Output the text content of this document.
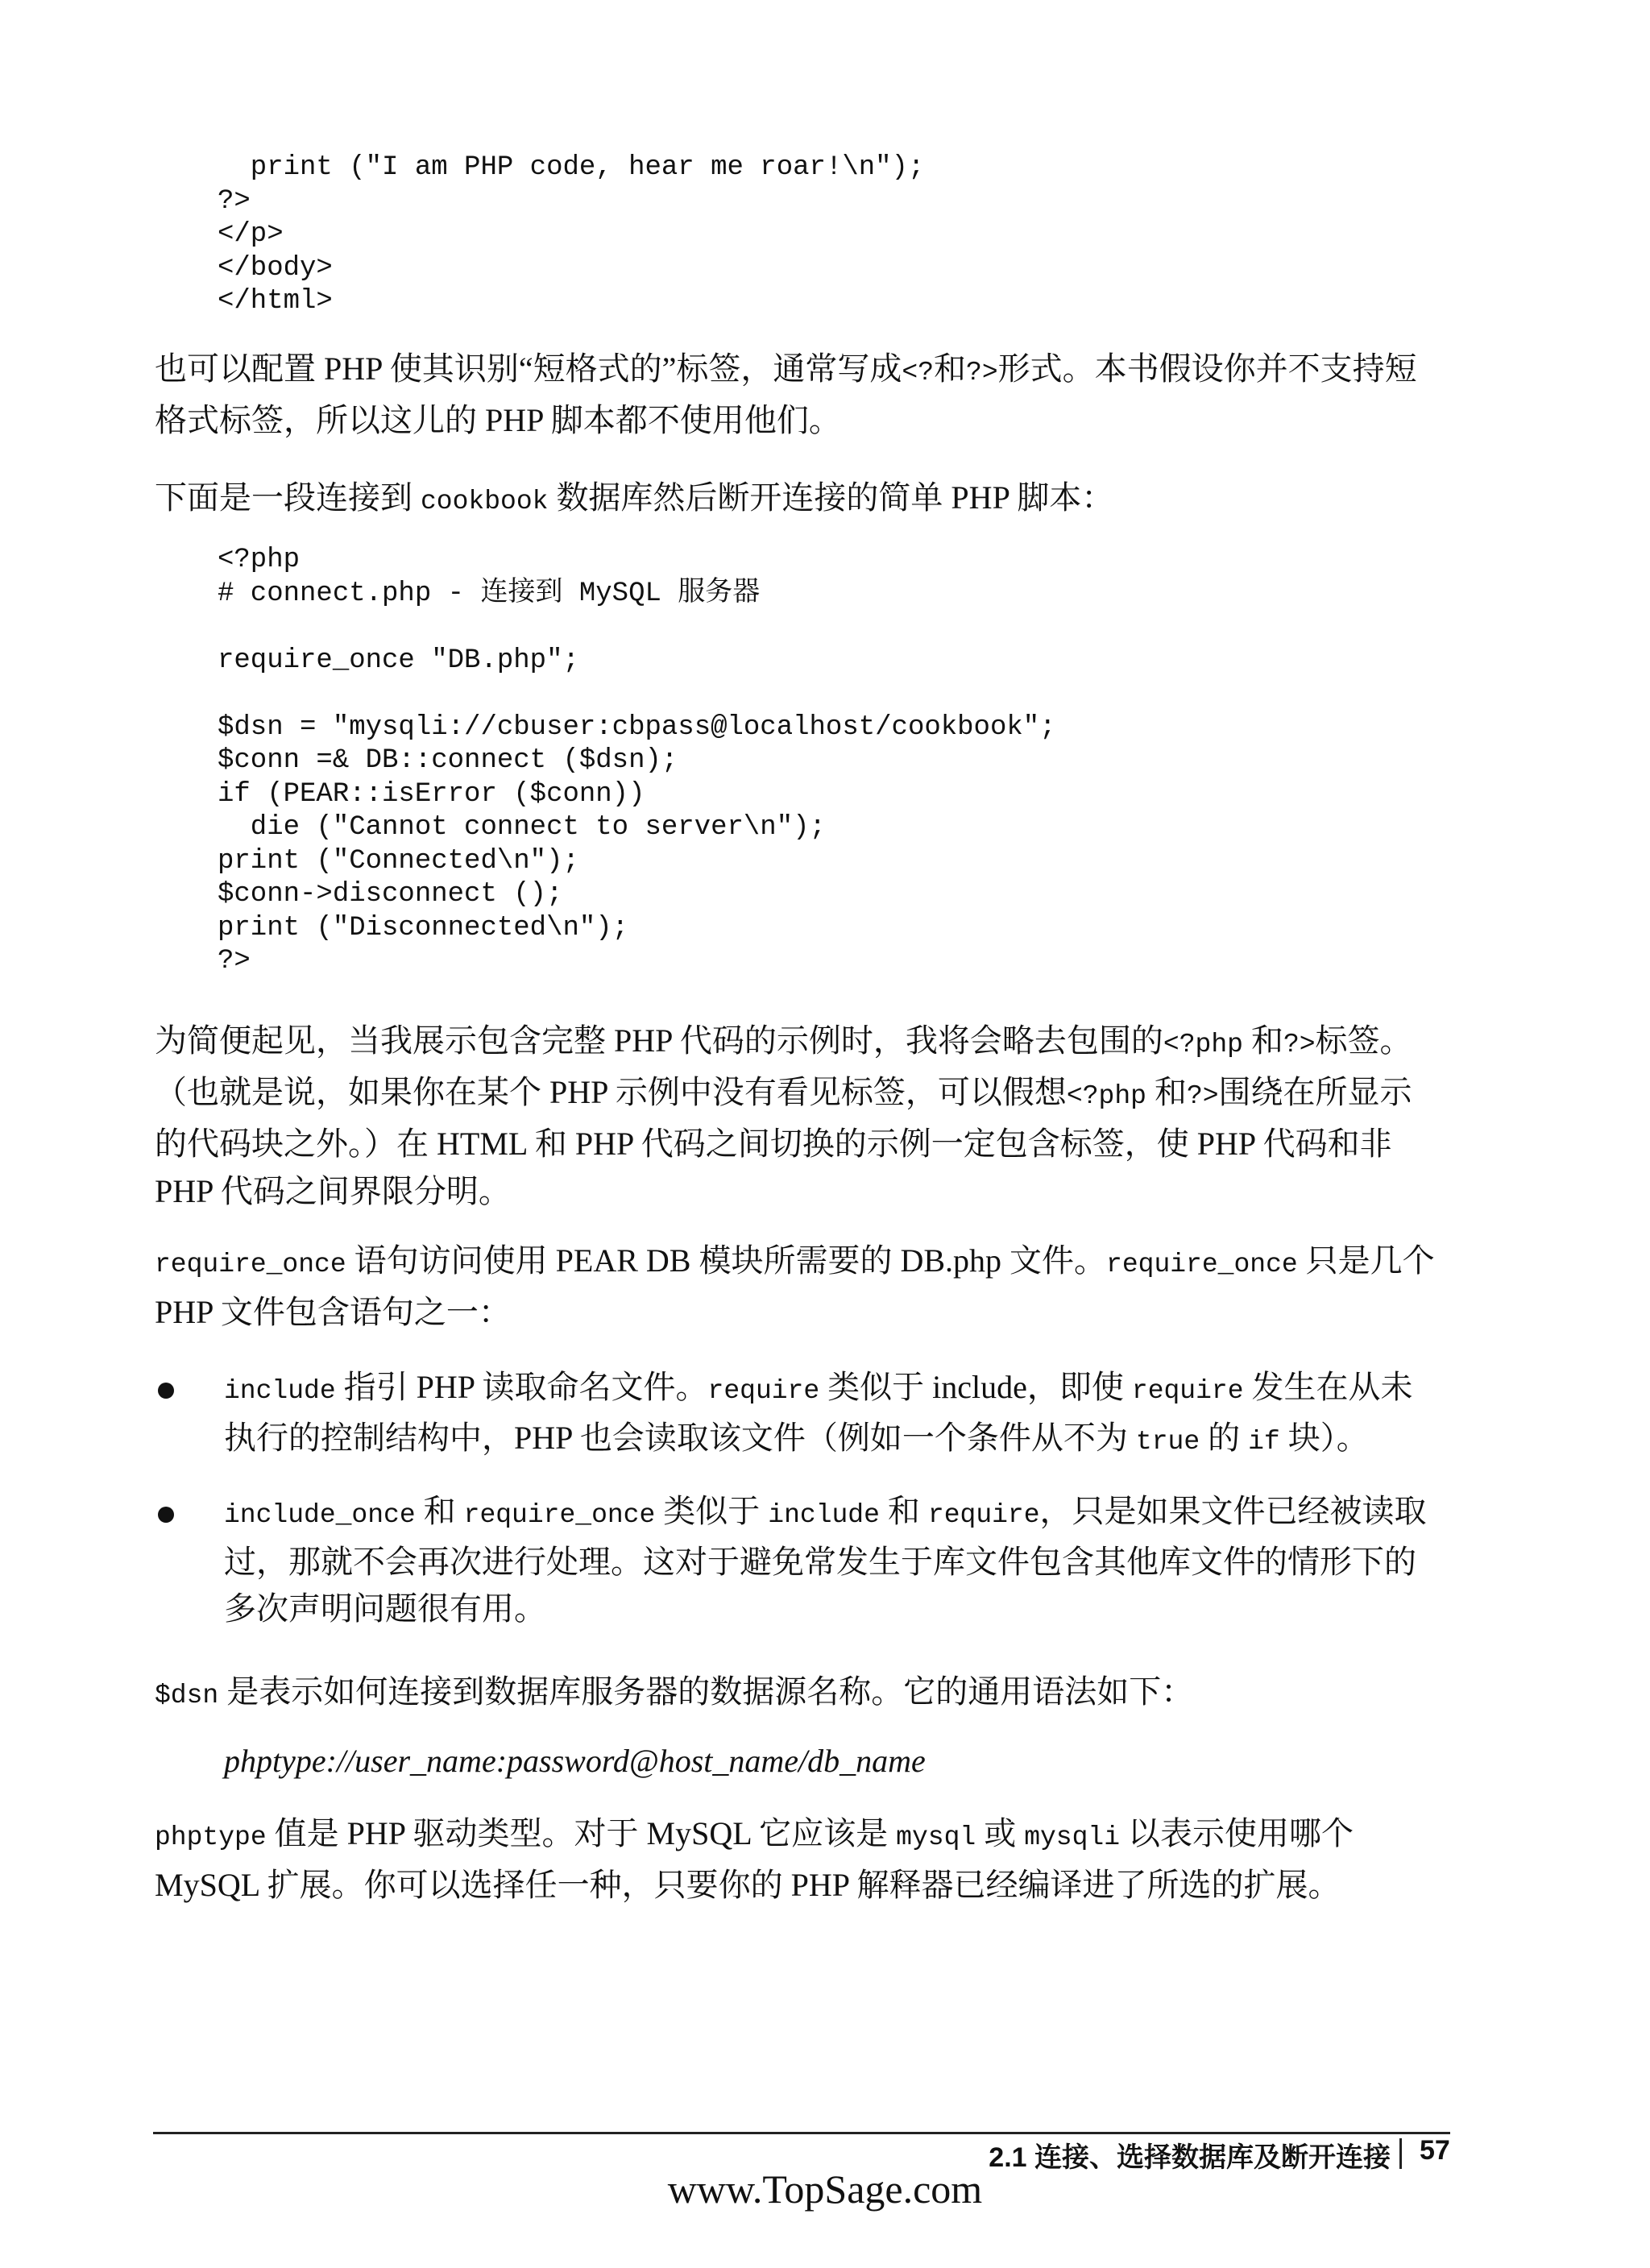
print ("I am PHP code, hear me roar!\n");
?>
</p>
</body>
</html>

也可以配置 PHP 使其识别“短格式的”标签，通常写成<?和?>形式。本书假设你并不支持短格式标签，所以这儿的 PHP 脚本都不使用他们。

下面是一段连接到 cookbook 数据库然后断开连接的简单 PHP 脚本：

<?php
# connect.php - 连接到 MySQL 服务器

require_once "DB.php";

$dsn = "mysqli://cbuser:cbpass@localhost/cookbook";
$conn =& DB::connect ($dsn);
if (PEAR::isError ($conn))
die ("Cannot connect to server\n");
print ("Connected\n");
$conn->disconnect ();
print ("Disconnected\n");
?>

为简便起见，当我展示包含完整 PHP 代码的示例时，我将会略去包围的<?php 和?>标签。（也就是说，如果你在某个 PHP 示例中没有看见标签，可以假想<?php 和?>围绕在所显示的代码块之外。）在 HTML 和 PHP 代码之间切换的示例一定包含标签，使 PHP 代码和非 PHP 代码之间界限分明。

require_once 语句访问使用 PEAR DB 模块所需要的 DB.php 文件。require_once 只是几个 PHP 文件包含语句之一：

include 指引 PHP 读取命名文件。require 类似于 include，即使 require 发生在从未执行的控制结构中，PHP 也会读取该文件（例如一个条件从不为 true 的 if 块）。

include_once 和 require_once 类似于 include 和 require，只是如果文件已经被读取过，那就不会再次进行处理。这对于避免常发生于库文件包含其他库文件的情形下的多次声明问题很有用。

$dsn 是表示如何连接到数据库服务器的数据源名称。它的通用语法如下：

phptype://user_name:password@host_name/db_name

phptype 值是 PHP 驱动类型。对于 MySQL 它应该是 mysql 或 mysqli 以表示使用哪个 MySQL 扩展。你可以选择任一种，只要你的 PHP 解释器已经编译进了所选的扩展。

2.1 连接、选择数据库及断开连接 57
www.TopSage.com
